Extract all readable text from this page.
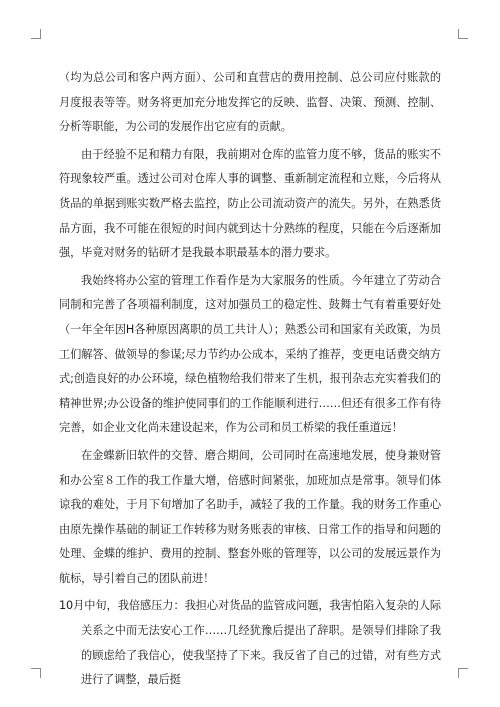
（均为总公司和客户两方面）、公司和直营店的费用控制、总公司应付账款的月度报表等等。财务将更加充分地发挥它的反映、监督、决策、预测、控制、分析等职能，为公司的发展作出它应有的贡献。

由于经验不足和精力有限，我前期对仓库的监管力度不够，货品的账实不符现象较严重。透过公司对仓库人事的调整、重新制定流程和立账，今后将从货品的单据到账实数严格去监控，防止公司流动资产的流失。另外，在熟悉货品方面，我不可能在很短的时间内就到达十分熟练的程度，只能在今后逐渐加强，毕竟对财务的钻研才是我最本职最基本的潜力要求。

我始终将办公室的管理工作看作是为大家服务的性质。今年建立了劳动合同制和完善了各项福利制度，这对加强员工的稳定性、鼓舞士气有着重要好处（一年全年因H各种原因离职的员工共计人）；熟悉公司和国家有关政策，为员工们解答、做领导的参谋;尽力节约办公成本，采纳了推荐，变更电话费交纳方式;创造良好的办公环境，绿色植物给我们带来了生机，报刊杂志充实着我们的精神世界;办公设备的维护使同事们的工作能顺利进行……但还有很多工作有待完善，如企业文化尚未建设起来，作为公司和员工桥梁的我任重道远！

在金蝶新旧软件的交替、磨合期间，公司同时在高速地发展，使身兼财管和办公室８工作的我工作量大增，倍感时间紧张，加班加点是常事。领导们体谅我的难处，于月下旬增加了名助手，减轻了我的工作量。我的财务工作重心由原先操作基础的制证工作转移为财务账表的审核、日常工作的指导和问题的处理、金蝶的维护、费用的控制、整套外账的管理等，以公司的发展远景作为航标，导引着自己的团队前进！

10月中旬，我倍感压力：我担心对货品的监管成问题，我害怕陷入复杂的人际关系之中而无法安心工作……几经犹豫后提出了辞职。是领导们排除了我的顾虑给了我信心，使我坚持了下来。我反省了自己的过错，对有些方式进行了调整，最后挺
